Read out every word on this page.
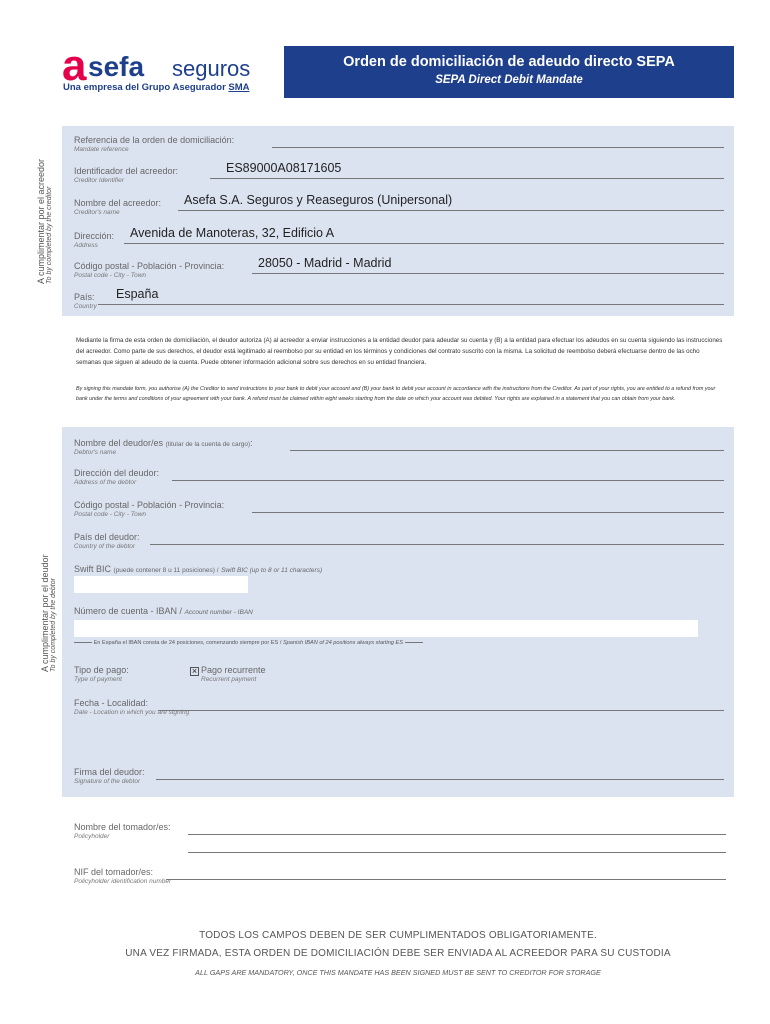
a sefa seguros
Una empresa del Grupo Asegurador SMA
Orden de domiciliación de adeudo directo SEPA
SEPA Direct Debit Mandate
A cumplimentar por el acreedor To by completed by the creditor
Referencia de la orden de domiciliación:
Mandate reference
Identificador del acreedor:	ES89000A08171605
Creditor Identifier
Nombre del acreedor: Asefa S.A. Seguros y Reaseguros (Unipersonal)
Creditor's name
Dirección: Avenida de Manoteras, 32, Edificio A
Address
Código postal - Población - Provincia:	28050 - Madrid - Madrid
Postal code - City - Town
País: España
Country
Mediante la firma de esta orden de domiciliación, el deudor autoriza (A) al acreedor a enviar instrucciones a la entidad deudor para adeudar su cuenta y (B) a la entidad para efectuar los adeudos en su cuenta siguiendo las instrucciones del acreedor. Como parte de sus derechos, el deudor está legitimado al reembolso por su entidad en los términos y condiciones del contrato suscrito con la misma. La solicitud de reembolso deberá efectuarse dentro de las ocho semanas que siguen al adeudo de la cuenta. Puede obtener información adicional sobre sus derechos en su entidad financiera.
By signing this mandate form, you authorise (A) the Creditor to send instructions to your bank to debit your account and (B) your bank to debit your account in accordance with the instructions from the Creditor. As part of your rights, you are entitled to a refund from your bank under the terms and conditions of your agreement with your bank. A refund must be claimed within eight weeks starting from the date on which your account was debited. Your rights are explained in a statement that you can obtain from your bank.
A cumplimentar por el deudor To by completed by the debtor
Nombre del deudor/es (titular de la cuenta de cargo):
Debtor's name
Dirección del deudor:
Address of the debtor
Código postal - Población - Provincia:
Postal code - City - Town
País del deudor:
Country of the debtor
Swift BIC (puede contener 8 u 11 posiciones) / Swift BIC (up to 8 or 11 characters)
Número de cuenta - IBAN / Account number - IBAN
En España el IBAN consta de 24 posiciones, comenzando siempre por ES / Spanish IBAN of 24 positions always starting ES
Tipo de pago:
Type of payment
× Pago recurrente
Recurrent payment
Fecha - Localidad:
Date - Location in which you are signing
Firma del deudor:
Signature of the debtor
Nombre del tomador/es:
Policyholder
NIF del tomador/es:
Policyholder identification number
TODOS LOS CAMPOS DEBEN DE SER CUMPLIMENTADOS OBLIGATORIAMENTE.
UNA VEZ FIRMADA, ESTA ORDEN DE DOMICILIACIÓN DEBE SER ENVIADA AL ACREEDOR PARA SU CUSTODIA
ALL GAPS ARE MANDATORY, ONCE THIS MANDATE HAS BEEN SIGNED MUST BE SENT TO CREDITOR FOR STORAGE
